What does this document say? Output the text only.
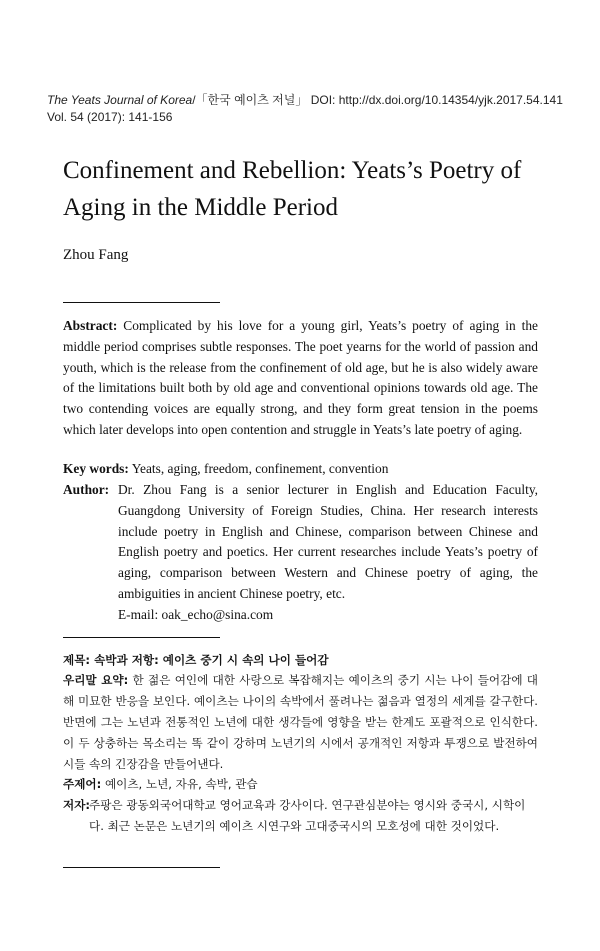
The Yeats Journal of Korea/「한국 예이츠 저널」 DOI: http://dx.doi.org/10.14354/yjk.2017.54.141
Vol. 54 (2017): 141-156
Confinement and Rebellion: Yeats’s Poetry of Aging in the Middle Period
Zhou Fang
Abstract: Complicated by his love for a young girl, Yeats’s poetry of aging in the middle period comprises subtle responses. The poet yearns for the world of passion and youth, which is the release from the confinement of old age, but he is also widely aware of the limitations built both by old age and conventional opinions towards old age. The two contending voices are equally strong, and they form great tension in the poems which later develops into open contention and struggle in Yeats’s late poetry of aging.
Key words: Yeats, aging, freedom, confinement, convention
Author: Dr. Zhou Fang is a senior lecturer in English and Education Faculty, Guangdong University of Foreign Studies, China. Her research interests include poetry in English and Chinese, comparison between Chinese and English poetry and poetics. Her current researches include Yeats’s poetry of aging, comparison between Western and Chinese poetry of aging, the ambiguities in ancient Chinese poetry, etc.
E-mail: oak_echo@sina.com
제목: 속박과 저항: 예이츠 중기 시 속의 나이 들어감
우리말 요약: 한 젊은 여인에 대한 사랑으로 복잡해지는 예이츠의 중기 시는 나이 들어감에 대해 미묘한 반응을 보인다. 예이츠는 나이의 속박에서 풀려나는 젊음과 열정의 세계를 갈구한다. 반면에 그는 노년과 전통적인 노년에 대한 생각들에 영향을 받는 한계도 포괄적으로 인식한다. 이 두 상충하는 목소리는 똑 같이 강하며 노년기의 시에서 공개적인 저항과 투쟁으로 발전하여 시들 속의 긴장감을 만들어낸다.
주제어: 예이츠, 노년, 자유, 속박, 관습
저자:
주팡은 광동외국어대학교 영어교육과 강사이다. 연구관심분야는 영시와 중국시, 시학이다. 최근 논문은 노년기의 예이츠 시연구와 고대중국시의 모호성에 대한 것이었다.
